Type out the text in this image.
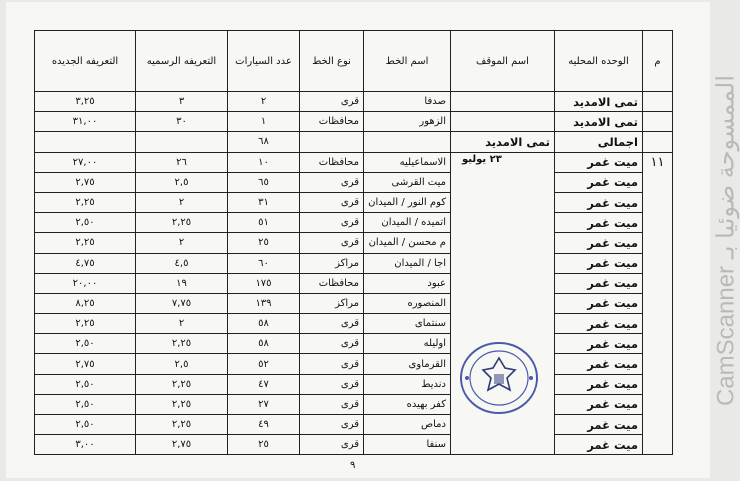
م	الوحده المحليه	اسم الموقف	اسم الخط	نوع الخط	عدد السيارات	التعريفه الرسميه	التعريفه الجديده
	تمى الامديد		صدفا	قرى	٢	٣	٣,٢٥
	تمى الامديد		الزهور	محافظات	١	٣٠	٣١,٠٠
	اجمالى	تمى الامديد			٦٨		
١١	ميت غمر		الاسماعيليه	محافظات	١٠	٢٦	٢٧,٠٠
	ميت غمر		ميت القرشى	قرى	٦٥	٢,٥	٢,٧٥
	ميت غمر		كوم النور / الميدان	قرى	٣١	٢	٢,٢٥
	ميت غمر		اتميده / الميدان	قرى	٥١	٢,٢٥	٢,٥٠
	ميت غمر		م محسن / الميدان	قرى	٢٥	٢	٢,٢٥
	ميت غمر		اجا / الميدان	مراكز	٦٠	٤,٥	٤,٧٥
	ميت غمر		عبود	محافظات	١٧٥	١٩	٢٠,٠٠
	ميت غمر		المنصوره	مراكز	١٣٩	٧,٧٥	٨,٢٥
	ميت غمر		سنتماى	قرى	٥٨	٢	٢,٢٥
	ميت غمر		اوليله	قرى	٥٨	٢,٢٥	٢,٥٠
	ميت غمر		القرماوى	قرى	٥٢	٢,٥	٢,٧٥
	ميت غمر		دنديط	قرى	٤٧	٢,٢٥	٢,٥٠
	ميت غمر		كفر بهيده	قرى	٢٧	٢,٢٥	٢,٥٠
	ميت غمر		دماص	قرى	٤٩	٢,٢٥	٢,٥٠
	ميت غمر		سنفا	قرى	٢٥	٢,٧٥	٣,٠٠
٢٣ يوليو
٩
CamScanner الممسوحة ضوئيا بـ
